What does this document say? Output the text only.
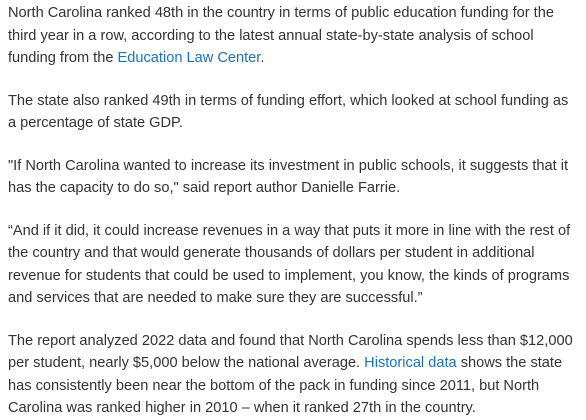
North Carolina ranked 48th in the country in terms of public education funding for the third year in a row, according to the latest annual state-by-state analysis of school funding from the Education Law Center.

The state also ranked 49th in terms of funding effort, which looked at school funding as a percentage of state GDP.

"If North Carolina wanted to increase its investment in public schools, it suggests that it has the capacity to do so," said report author Danielle Farrie.

“And if it did, it could increase revenues in a way that puts it more in line with the rest of the country and that would generate thousands of dollars per student in additional revenue for students that could be used to implement, you know, the kinds of programs and services that are needed to make sure they are successful.”

The report analyzed 2022 data and found that North Carolina spends less than $12,000 per student, nearly $5,000 below the national average. Historical data shows the state has consistently been near the bottom of the pack in funding since 2011, but North Carolina was ranked higher in 2010 – when it ranked 27th in the country.
